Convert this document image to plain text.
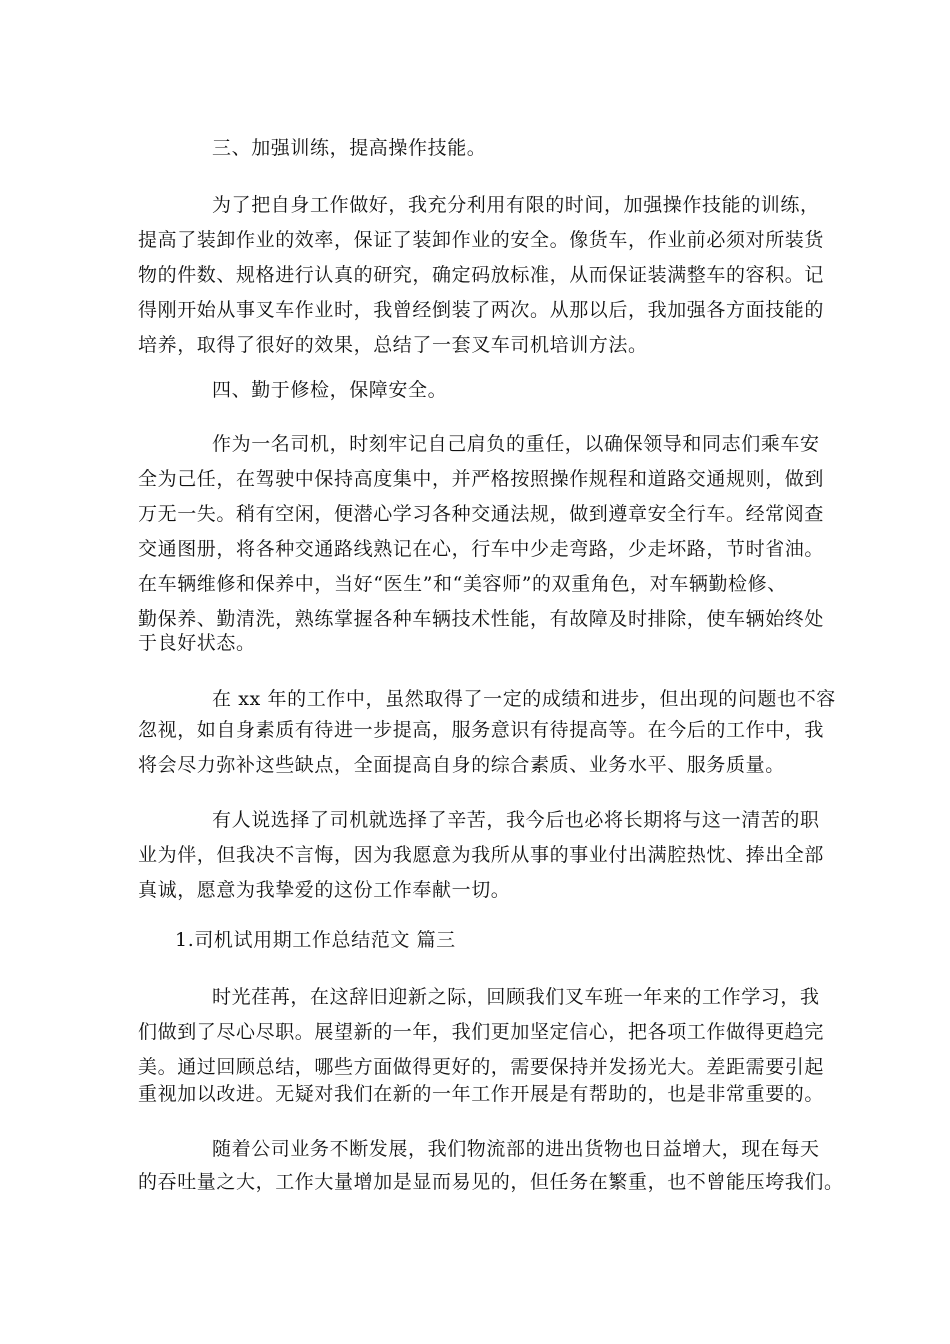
三、加强训练，提高操作技能。
为了把自身工作做好，我充分利用有限的时间，加强操作技能的训练，
提高了装卸作业的效率，保证了装卸作业的安全。像货车，作业前必须对所装货
物的件数、规格进行认真的研究，确定码放标准，从而保证装满整车的容积。记
得刚开始从事叉车作业时，我曾经倒装了两次。从那以后，我加强各方面技能的
培养，取得了很好的效果，总结了一套叉车司机培训方法。
四、勤于修检，保障安全。
作为一名司机，时刻牢记自己肩负的重任，以确保领导和同志们乘车安
全为己任，在驾驶中保持高度集中，并严格按照操作规程和道路交通规则，做到
万无一失。稍有空闲，便潜心学习各种交通法规，做到遵章安全行车。经常阅查
交通图册，将各种交通路线熟记在心，行车中少走弯路，少走坏路，节时省油。
在车辆维修和保养中，当好“医生”和“美容师”的双重角色，对车辆勤检修、
勤保养、勤清洗，熟练掌握各种车辆技术性能，有故障及时排除，使车辆始终处
于良好状态。
在 xx 年的工作中，虽然取得了一定的成绩和进步，但出现的问题也不容
忽视，如自身素质有待进一步提高，服务意识有待提高等。在今后的工作中，我
将会尽力弥补这些缺点，全面提高自身的综合素质、业务水平、服务质量。
有人说选择了司机就选择了辛苦，我今后也必将长期将与这一清苦的职
业为伴，但我决不言悔，因为我愿意为我所从事的事业付出满腔热忱、捧出全部
真诚，愿意为我挚爱的这份工作奉献一切。
1.司机试用期工作总结范文 篇三
时光荏苒，在这辞旧迎新之际，回顾我们叉车班一年来的工作学习，我
们做到了尽心尽职。展望新的一年，我们更加坚定信心，把各项工作做得更趋完
美。通过回顾总结，哪些方面做得更好的，需要保持并发扬光大。差距需要引起
重视加以改进。无疑对我们在新的一年工作开展是有帮助的，也是非常重要的。
随着公司业务不断发展，我们物流部的进出货物也日益增大，现在每天
的吞吐量之大，工作大量增加是显而易见的，但任务在繁重，也不曾能压垮我们。
